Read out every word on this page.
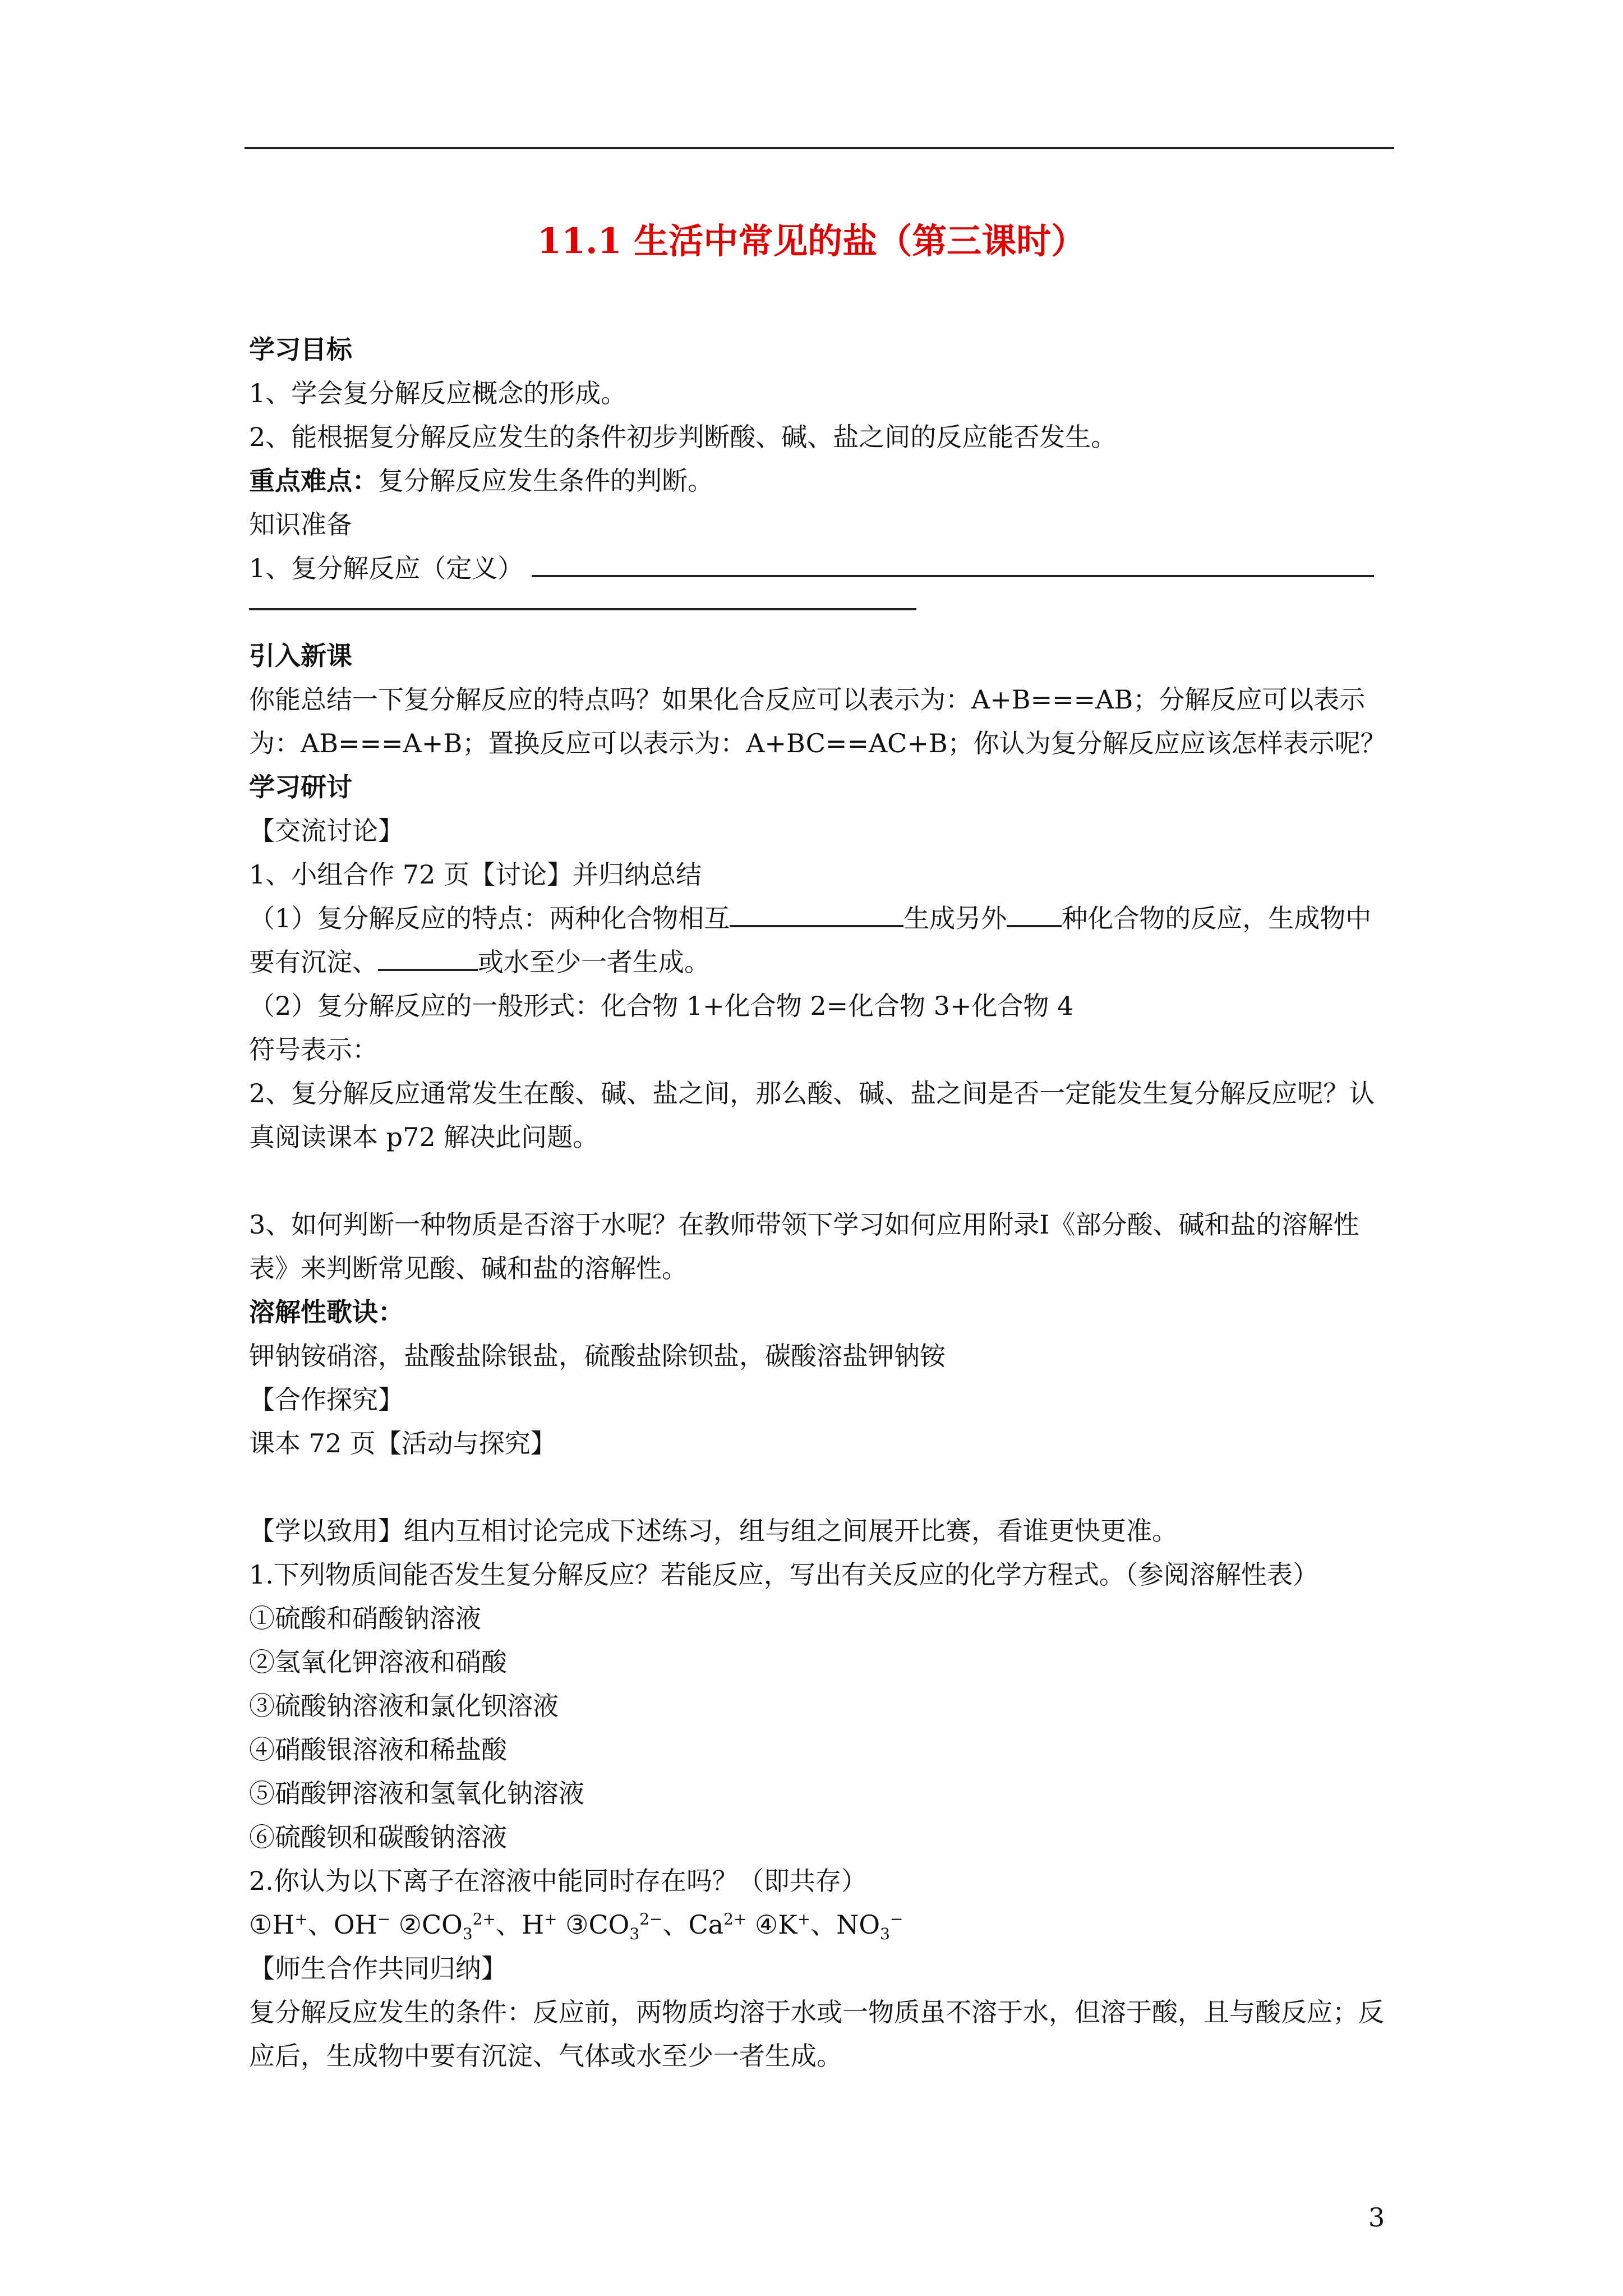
11.1 生活中常见的盐（第三课时）

学习目标

1、学会复分解反应概念的形成。

2、能根据复分解反应发生的条件初步判断酸、碱、盐之间的反应能否发生。

重点难点：复分解反应发生条件的判断。

知识准备

1、复分解反应（定义）

引入新课

你能总结一下复分解反应的特点吗？如果化合反应可以表示为：A+B===AB；分解反应可以表示为：AB===A+B；置换反应可以表示为：A+BC==AC+B；你认为复分解反应应该怎样表示呢？

学习研讨

【交流讨论】

1、小组合作 72 页【讨论】并归纳总结

（1）复分解反应的特点：两种化合物相互	生成另外 种化合物的反应，生成物中要有沉淀、	或水至少一者生成。

（2）复分解反应的一般形式：化合物 1+化合物 2=化合物 3+化合物 4

符号表示：

2、复分解反应通常发生在酸、碱、盐之间，那么酸、碱、盐之间是否一定能发生复分解反应呢？认真阅读课本 p72 解决此问题。

3、如何判断一种物质是否溶于水呢？在教师带领下学习如何应用附录Ⅰ《部分酸、碱和盐的溶解性表》来判断常见酸、碱和盐的溶解性。

溶解性歌诀：

钾钠铵硝溶，盐酸盐除银盐，硫酸盐除钡盐，碳酸溶盐钾钠铵

【合作探究】

课本 72 页【活动与探究】

【学以致用】组内互相讨论完成下述练习，组与组之间展开比赛，看谁更快更准。

1.下列物质间能否发生复分解反应？若能反应，写出有关反应的化学方程式。（参阅溶解性表）

①硫酸和硝酸钠溶液

②氢氧化钾溶液和硝酸

③硫酸钠溶液和氯化钡溶液

④硝酸银溶液和稀盐酸

⑤硝酸钾溶液和氢氧化钠溶液

⑥硫酸钡和碳酸钠溶液

2.你认为以下离子在溶液中能同时存在吗？（即共存）

①H+、OH− $②CO_3^{2+}$、H+ $③CO_3^{2-}$、$Ca^{2+}$ ④K+、$NO_3^-$

【师生合作共同归纳】

复分解反应发生的条件：反应前，两物质均溶于水或一物质虽不溶于水，但溶于酸，且与酸反应；反应后，生成物中要有沉淀、气体或水至少一者生成。

3
